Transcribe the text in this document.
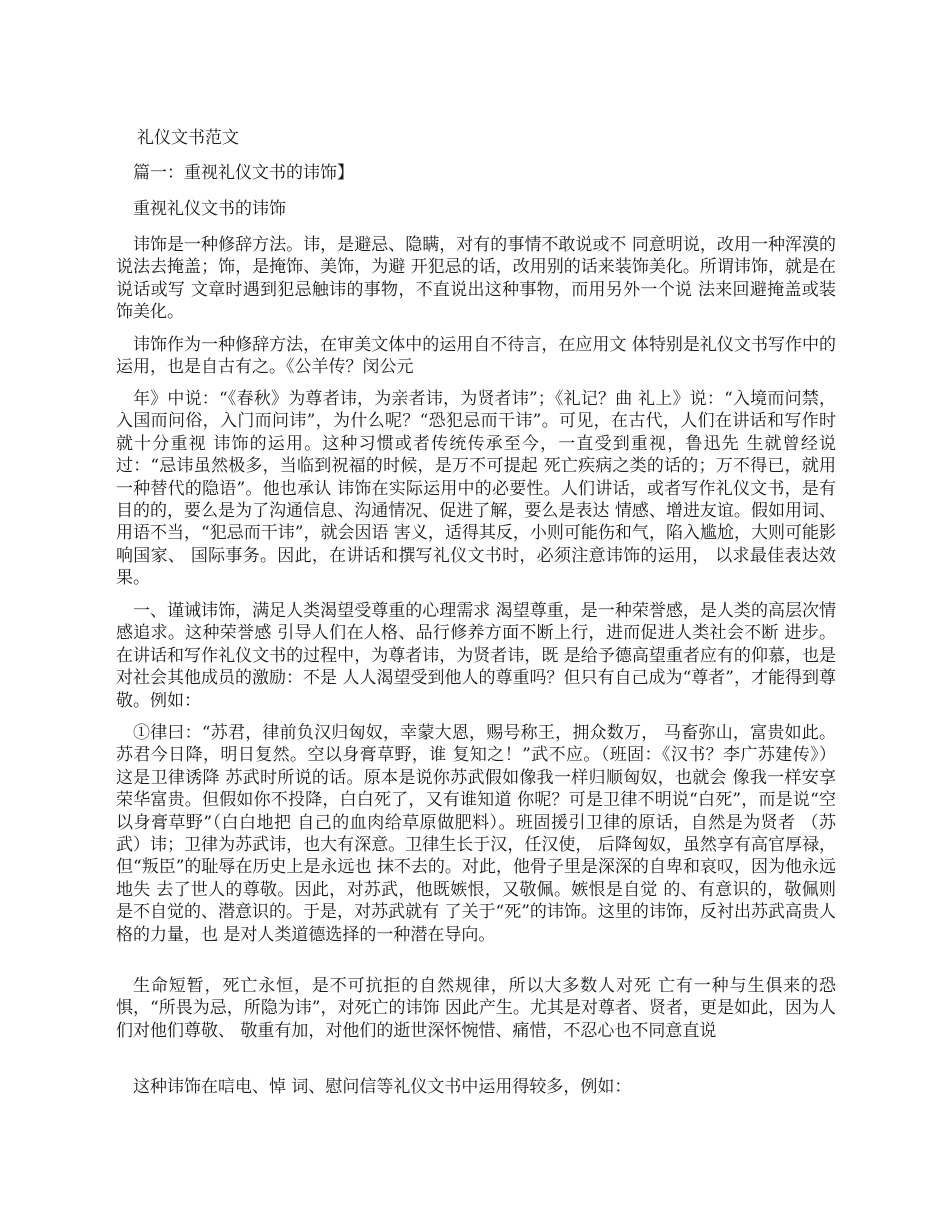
礼仪文书范文

篇一：重视礼仪文书的讳饰】

重视礼仪文书的讳饰

讳饰是一种修辞方法。讳，是避忌、隐瞒，对有的事情不敢说或不 同意明说，改用一种浑漠的说法去掩盖；饰，是掩饰、美饰，为避 开犯忌的话，改用别的话来装饰美化。所谓讳饰，就是在说话或写 文章时遇到犯忌触讳的事物，不直说出这种事物，而用另外一个说 法来回避掩盖或装饰美化。

讳饰作为一种修辞方法，在审美文体中的运用自不待言，在应用文 体特别是礼仪文书写作中的运用，也是自古有之。《公羊传？闵公元

年》中说：“《春秋》为尊者讳，为亲者讳，为贤者讳”；《礼记？曲 礼上》说：“入境而问禁，入国而问俗，入门而问讳”，为什么呢？“恐犯忌而干讳”。可见，在古代，人们在讲话和写作时就十分重视 讳饰的运用。这种习惯或者传统传承至今，一直受到重视，鲁迅先 生就曾经说过：“忌讳虽然极多，当临到祝福的时候，是万不可提起 死亡疾病之类的话的；万不得已，就用一种替代的隐语”。他也承认 讳饰在实际运用中的必要性。人们讲话，或者写作礼仪文书，是有 目的的，要么是为了沟通信息、沟通情况、促进了解，要么是表达 情感、增进友谊。假如用词、用语不当，“犯忌而干讳”，就会因语 害义，适得其反，小则可能伤和气，陷入尴尬，大则可能影响国家、 国际事务。因此，在讲话和撰写礼仪文书时，必须注意讳饰的运用， 以求最佳表达效果。

一、谨诫讳饰，满足人类渴望受尊重的心理需求 渴望尊重，是一种荣誉感，是人类的高层次情感追求。这种荣誉感 引导人们在人格、品行修养方面不断上行，进而促进人类社会不断 进步。在讲话和写作礼仪文书的过程中，为尊者讳，为贤者讳，既 是给予德高望重者应有的仰慕，也是对社会其他成员的激励：不是 人人渴望受到他人的尊重吗？但只有自己成为“尊者”，才能得到尊 敬。例如：

①律曰：“苏君，律前负汉归匈奴，幸蒙大恩，赐号称王，拥众数万， 马畜弥山，富贵如此。苏君今日降，明日复然。空以身膏草野，谁 复知之！”武不应。（班固：《汉书？李广苏建传》） 这是卫律诱降 苏武时所说的话。原本是说你苏武假如像我一样归顺匈奴，也就会 像我一样安享荣华富贵。但假如你不投降，白白死了，又有谁知道 你呢？可是卫律不明说“白死”，而是说“空以身膏草野”（白白地把 自己的血肉给草原做肥料）。班固援引卫律的原话，自然是为贤者 （苏武）讳；卫律为苏武讳，也大有深意。卫律生长于汉，任汉使， 后降匈奴，虽然享有高官厚禄，但“叛臣”的耻辱在历史上是永远也 抹不去的。对此，他骨子里是深深的自卑和哀叹，因为他永远地失 去了世人的尊敬。因此，对苏武，他既嫉恨，又敬佩。嫉恨是自觉 的、有意识的，敬佩则是不自觉的、潜意识的。于是，对苏武就有 了关于“死”的讳饰。这里的讳饰，反衬出苏武高贵人格的力量，也 是对人类道德选择的一种潜在导向。

生命短暂，死亡永恒，是不可抗拒的自然规律，所以大多数人对死 亡有一种与生俱来的恐惧，“所畏为忌，所隐为讳”，对死亡的讳饰 因此产生。尤其是对尊者、贤者，更是如此，因为人们对他们尊敬、 敬重有加，对他们的逝世深怀惋惜、痛惜，不忍心也不同意直说

这种讳饰在唁电、悼 词、慰问信等礼仪文书中运用得较多，例如：
